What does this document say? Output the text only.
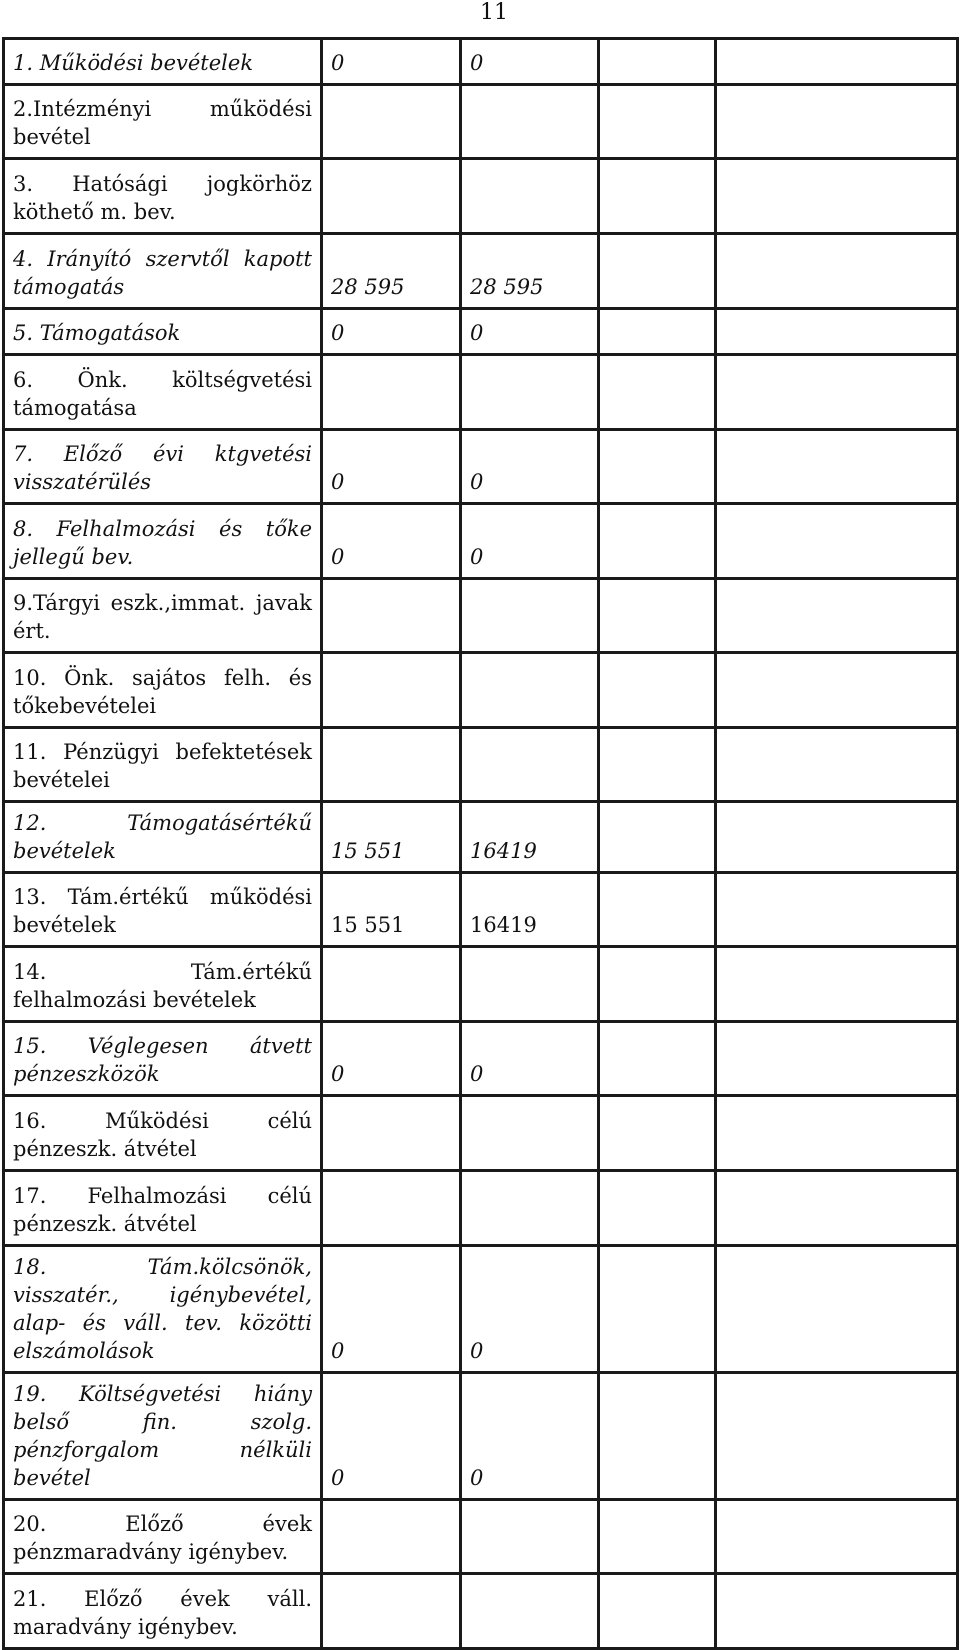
11
1. Működési bevételek	0	0		
2.Intézményi működési bevétel				
3. Hatósági jogkörhöz köthető m. bev.				
4. Irányító szervtől kapott támogatás	28 595	28 595		
5. Támogatások	0	0		
6. Önk. költségvetési támogatása				
7. Előző évi ktgvetési visszatérülés	0	0		
8. Felhalmozási és tőke jellegű bev.	0	0		
9.Tárgyi eszk.,immat. javak ért.				
10. Önk. sajátos felh. és tőkebevételei				
11. Pénzügyi befektetések bevételei				
12. Támogatásértékű bevételek	15 551	16419		
13. Tám.értékű működési bevételek	15 551	16419		
14. Tám.értékű felhalmozási bevételek				
15. Véglegesen átvett pénzeszközök	0	0		
16. Működési célú pénzeszk. átvétel				
17. Felhalmozási célú pénzeszk. átvétel				
18. Tám.kölcsönök, visszatér., igénybevétel, alap- és váll. tev. közötti elszámolások	0	0		
19. Költségvetési hiány belső fin. szolg. pénzforgalom nélküli bevétel	0	0		
20. Előző évek pénzmaradvány igénybev.				
21. Előző évek váll. maradvány igénybev.				
